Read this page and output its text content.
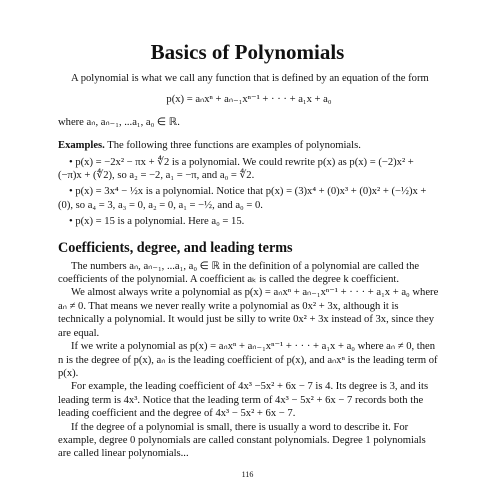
Basics of Polynomials

A polynomial is what we call any function that is defined by an equation of the form

p(x) = aₙxⁿ + aₙ₋₁xⁿ⁻¹ + · · · + a₁x + a₀

where aₙ, aₙ₋₁, ...a₁, a₀ ∈ ℝ.

Examples. The following three functions are examples of polynomials.

• p(x) = −2x² − πx + ∜2 is a polynomial. We could rewrite p(x) as p(x) = (−2)x² + (−π)x + (∜2), so a₂ = −2, a₁ = −π, and a₀ = ∜2.

• p(x) = 3x⁴ − ½x is a polynomial. Notice that p(x) = (3)x⁴ + (0)x³ + (0)x² + (−½)x + (0), so a₄ = 3, a₃ = 0, a₂ = 0, a₁ = −½, and a₀ = 0.

• p(x) = 15 is a polynomial. Here a₀ = 15.

Coefficients, degree, and leading terms

The numbers aₙ, aₙ₋₁, ...a₁, a₀ ∈ ℝ in the definition of a polynomial are called the coefficients of the polynomial. A coefficient aₖ is called the degree k coefficient.

We almost always write a polynomial as p(x) = aₙxⁿ + aₙ₋₁xⁿ⁻¹ + · · · + a₁x + a₀ where aₙ ≠ 0. That means we never really write a polynomial as 0x² + 3x, although it is technically a polynomial. It would just be silly to write 0x² + 3x instead of 3x, since they are equal.

If we write a polynomial as p(x) = aₙxⁿ + aₙ₋₁xⁿ⁻¹ + · · · + a₁x + a₀ where aₙ ≠ 0, then n is the degree of p(x), aₙ is the leading coefficient of p(x), and aₙxⁿ is the leading term of p(x).

For example, the leading coefficient of 4x³ −5x² + 6x − 7 is 4. Its degree is 3, and its leading term is 4x³. Notice that the leading term of 4x³ − 5x² + 6x − 7 records both the leading coefficient and the degree of 4x³ − 5x² + 6x − 7.

If the degree of a polynomial is small, there is usually a word to describe it. For example, degree 0 polynomials are called constant polynomials. Degree 1 polynomials are called linear polynomials...

116
